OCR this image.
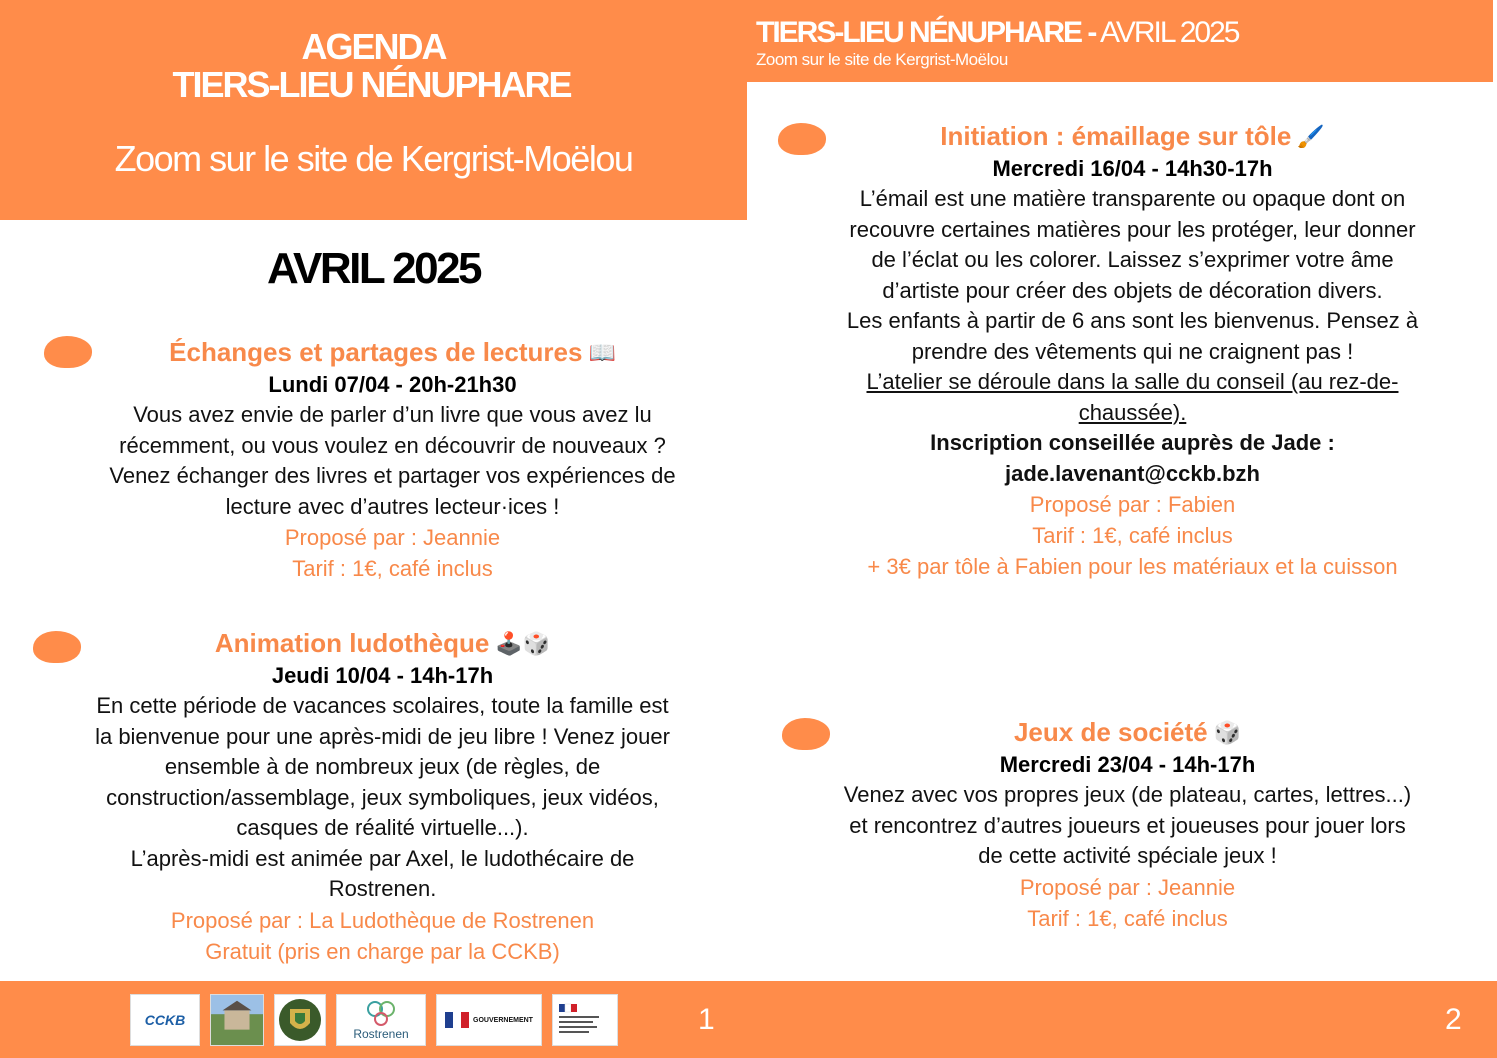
AGENDA
TIERS-LIEU NÉNUPHARE
Zoom sur le site de Kergrist-Moëlou
TIERS-LIEU NÉNUPHARE - AVRIL 2025
Zoom sur le site de Kergrist-Moëlou
AVRIL 2025
Échanges et partages de lectures 📖
Lundi 07/04 - 20h-21h30
Vous avez envie de parler d’un livre que vous avez lu
récemment, ou vous voulez en découvrir de nouveaux ?
Venez échanger des livres et partager vos expériences de
lecture avec d’autres lecteur·ices !
Proposé par : Jeannie
Tarif : 1€, café inclus
Animation ludothèque 🕹️🎲
Jeudi 10/04 - 14h-17h
En cette période de vacances scolaires, toute la famille est
la bienvenue pour une après-midi de jeu libre ! Venez jouer
ensemble à de nombreux jeux (de règles, de
construction/assemblage, jeux symboliques, jeux vidéos,
casques de réalité virtuelle...).
L’après-midi est animée par Axel, le ludothécaire de
Rostrenen.
Proposé par : La Ludothèque de Rostrenen
Gratuit (pris en charge par la CCKB)
Initiation : émaillage sur tôle 🖌️
Mercredi 16/04 - 14h30-17h
L’émail est une matière transparente ou opaque dont on
recouvre certaines matières pour les protéger, leur donner
de l’éclat ou les colorer. Laissez s’exprimer votre âme
d’artiste pour créer des objets de décoration divers.
Les enfants à partir de 6 ans sont les bienvenus. Pensez à
prendre des vêtements qui ne craignent pas !
L’atelier se déroule dans la salle du conseil (au rez-de-
chaussée).
Inscription conseillée auprès de Jade :
jade.lavenant@cckb.bzh
Proposé par : Fabien
Tarif : 1€, café inclus
+ 3€ par tôle à Fabien pour les matériaux et la cuisson
Jeux de société 🎲
Mercredi 23/04 - 14h-17h
Venez avec vos propres jeux (de plateau, cartes, lettres...)
et rencontrez d’autres joueurs et joueuses pour jouer lors
de cette activité spéciale jeux !
Proposé par : Jeannie
Tarif : 1€, café inclus
CCKB
Rostrenen
GOUVERNEMENT	1	2
